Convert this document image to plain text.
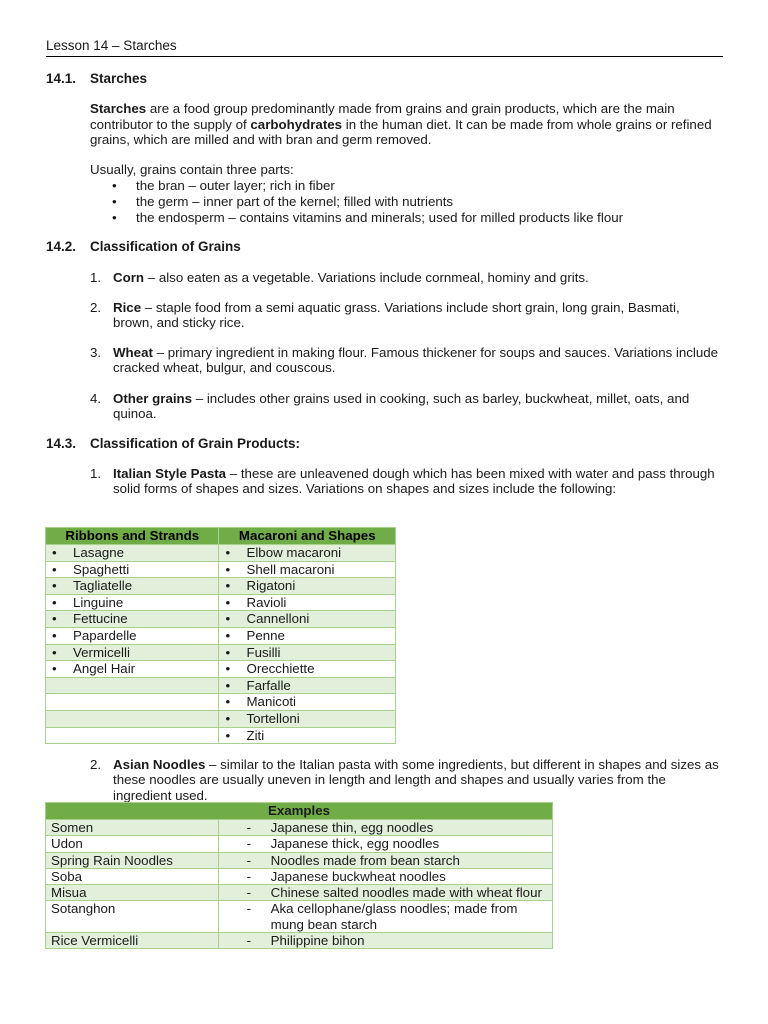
Lesson 14 – Starches
14.1. Starches
Starches are a food group predominantly made from grains and grain products, which are the main contributor to the supply of carbohydrates in the human diet. It can be made from whole grains or refined grains, which are milled and with bran and germ removed.
Usually, grains contain three parts:
• the bran – outer layer; rich in fiber
• the germ – inner part of the kernel; filled with nutrients
• the endosperm – contains vitamins and minerals; used for milled products like flour
14.2. Classification of Grains
1. Corn – also eaten as a vegetable. Variations include cornmeal, hominy and grits.
2. Rice – staple food from a semi aquatic grass. Variations include short grain, long grain, Basmati, brown, and sticky rice.
3. Wheat – primary ingredient in making flour. Famous thickener for soups and sauces. Variations include cracked wheat, bulgur, and couscous.
4. Other grains – includes other grains used in cooking, such as barley, buckwheat, millet, oats, and quinoa.
14.3. Classification of Grain Products:
1. Italian Style Pasta – these are unleavened dough which has been mixed with water and pass through solid forms of shapes and sizes. Variations on shapes and sizes include the following:
Ribbons and Strands	Macaroni and Shapes

• Lasagne	• Elbow macaroni

• Spaghetti	• Shell macaroni

• Tagliatelle	• Rigatoni

• Linguine	• Ravioli

• Fettucine	• Cannelloni

• Papardelle	• Penne

• Vermicelli	• Fusilli

• Angel Hair	• Orecchiette

	• Farfalle

	• Manicoti

	• Tortelloni

	• Ziti
2. Asian Noodles – similar to the Italian pasta with some ingredients, but different in shapes and sizes as these noodles are usually uneven in length and length and shapes and usually varies from the ingredient used.
Examples	
Somen	- Japanese thin, egg noodles

Udon	- Japanese thick, egg noodles

Spring Rain Noodles	- Noodles made from bean starch

Soba	- Japanese buckwheat noodles

Misua	- Chinese salted noodles made with wheat flour

Sotanghon	- Aka cellophane/glass noodles; made from mung bean starch

Rice Vermicelli	- Philippine bihon
